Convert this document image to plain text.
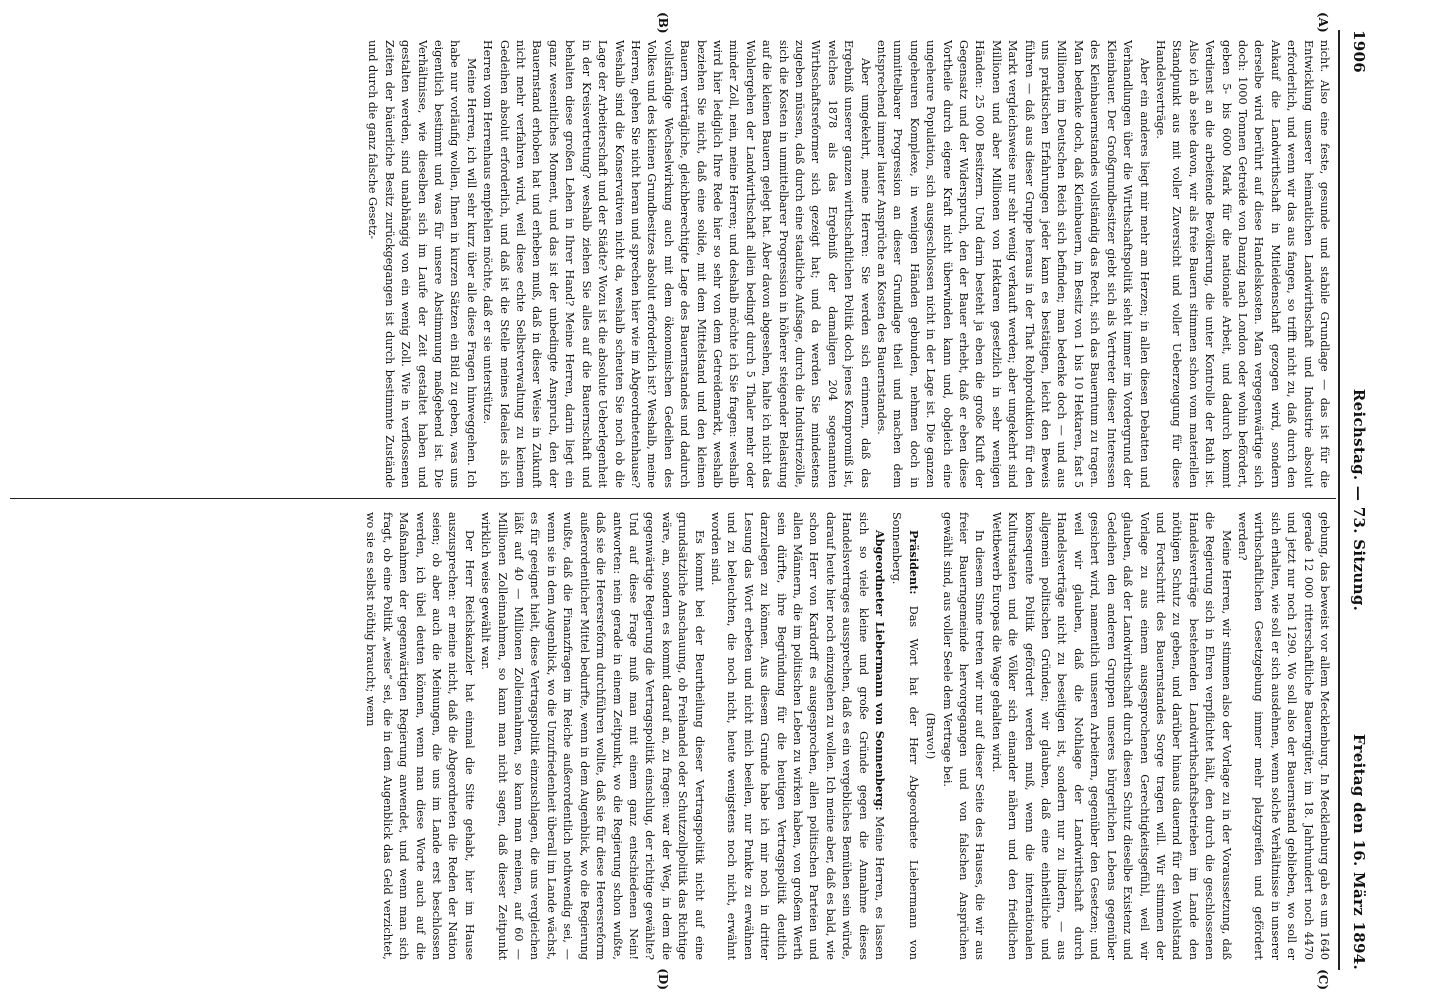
1906
Reichstag. — 73. Sitzung.
Freitag den 16. März 1894.
(A)
(B)
(C)
(D)

nicht. Also eine feste, gesunde und stabile Grundlage — das ist für die Entwicklung unserer heimatlichen Landwirthschaft und Industrie absolut erforderlich, und wenn wir das aus fangen, so trifft nicht zu, daß durch den Ankauf die Landwirthschaft in Mitleidenschaft gezogen wird, sondern derselbe wird berührt auf diese Handelskosten. Man vergegenwärtige sich doch: 1000 Tonnen Getreide von Danzig nach London oder wohin befördert, geben 5- bis 6000 Mark für die nationale Arbeit, und dadurch kommt Verdienst an die arbeitende Bevölkerung, die unter Kontrolle der Rath ist. Also ich ab sehe davon, wir als freie Bauern stimmen schon vom materiellen Standpunkt aus mit voller Zuversicht und voller Ueberzeugung für diese Handelsverträge.

Aber ein anderes liegt mir mehr am Herzen; in allen diesen Debatten und Verhandlungen über die Wirthschaftspolitik sieht immer im Vordergrund der Kleinbauer. Der Großgrundbesitzer giebt sich als Vertreter dieser Interessen des Kleinbauernstandes vollständig das Recht, sich das Bauerntum zu tragen. Man bedenke doch, daß Kleinbauern, im Besitz von 1 bis 10 Hektaren, fast 5 Millionen im Deutschen Reich sich befinden; man bedenke doch — und aus uns praktischen Erfahrungen jeder kann es bestätigen, leicht den Beweis führen — daß aus dieser Gruppe heraus in der That Rohproduktion für den Markt vergleichsweise nur sehr wenig verkauft werden; aber umgekehrt sind Millionen und aber Millionen von Hektaren gesetzlich in sehr wenigen Händen: 25 000 Besitzern. Und darin besteht ja eben die große Kluft der Gegensatz und der Widerspruch, den der Bauer erhebt, daß er eben diese Vortheile durch eigene Kraft nicht überwinden kann und, obgleich eine ungeheure Population, sich ausgeschlossen nicht in der Lage ist. Die ganzen ungeheuren Komplexe, in wenigen Händen gebunden, nehmen doch in unmittelbarer Progression an dieser Grundlage theil und machen dem entsprechend immer lauter Ansprüche an Kosten des Bauernstandes.

Aber umgekehrt, meine Herren: Sie werden sich erinnern, daß das Ergebniß unserer ganzen wirthschaftlichen Politik doch jenes Kompromiß ist, welches 1878 als das Ergebniß der damaligen 204 sogenannten Wirthschaftsreformer sich gezeigt hat; und da werden Sie mindestens zugeben müssen, daß durch eine staatliche Aufsage, durch die Industriezölle, sich die Kosten in unmittelbarer Progression in höherer steigender Belastung auf die kleinen Bauern gelegt hat. Aber davon abgesehen, halte ich nicht das Wohlergehen der Landwirthschaft allein bedingt durch 5 Thaler mehr oder minder Zoll, nein, meine Herren; und deshalb möchte ich Sie fragen: weshalb wird hier lediglich Ihre Rede hier so sehr von dem Getreidemarkt, weshalb beziehen Sie nicht, daß eine solide, mit dem Mittelstand und den kleinen Bauern verträgliche, gleichberechtigte Lage des Bauernstandes und dadurch vollständige Wechselwirkung auch mit dem ökonomischen Gedeihen des Volkes und des kleinen Grundbesitzes absolut erforderlich ist? Weshalb, meine Herren, gehen Sie nicht heran und sprechen hier wie im Abgeordnetenhause? Weshalb sind die Konservativen nicht da, weshalb scheuten Sie noch ob die Lage der Arbeiterschaft und der Städte? Wozu ist die absolute Ueberlegenheit in der Kreisvertretung? weshalb ziehen Sie alles auf die Bauernschaft und behalten diese großen Lehen in Ihrer Hand? Meine Herren, darin liegt ein ganz wesentliches Moment, und das ist der unbedingte Anspruch, den der Bauernstand erhoben hat und erheben muß, daß in dieser Weise in Zukunft nicht mehr verfahren wird, weil diese echte Selbstverwaltung zu keinem Gedeihen absolut erforderlich, und daß ist die Stelle meines Ideales als ich Herren vom Herrenhaus empfehlen möchte, daß er sie unterstütze.

Meine Herren, ich will sehr kurz über alle diese Fragen hinweggehen. Ich habe nur vorläufig wollen, Ihnen in kurzen Sätzen ein Bild zu geben, was uns eigentlich bestimmt und was für unsere Abstimmung maßgebend ist. Die Verhältnisse, wie dieselben sich im Laufe der Zeit gestaltet haben und gestalten werden, sind unabhängig von ein wenig Zoll. Wie in verflossenen Zeiten der bäuerliche Besitz zurückgegangen ist durch bestimmte Zustände und durch die ganz falsche Gesetz-

gebung, das beweist vor allem Mecklenburg. In Mecklenburg gab es um 1640 gerade 12 000 ritterschaftliche Bauerngüter, im 18. Jahrhundert noch 4470 und jetzt nur noch 1290. Wo soll also der Bauernstand geblieben, wo soll er sich erhalten, wie soll er sich ausdehnen, wenn solche Verhältnisse in unserer wirthschaftlichen Gesetzgebung immer mehr platzgreifen und gefördert werden?

Meine Herren, wir stimmen also der Vorlage zu in der Voraussetzung, daß die Regierung sich in Ehren verpflichtet hält, den durch die geschlossenen Handelsverträge bestehenden Landwirthschaftsbetrieben im Lande den nöthigen Schutz zu geben, und darüber hinaus dauernd für den Wohlstand und Fortschritt des Bauernstandes Sorge tragen will. Wir stimmen der Vorlage zu aus einem ausgesprochenen Gerechtigkeitsgefühl, weil wir glauben, daß der Landwirthschaft durch diesen Schutz dieselbe Existenz und Gedeihen den anderen Gruppen unseres bürgerlichen Lebens gegenüber gesichert wird, namentlich unseren Arbeitern, gegenüber den Gesetzen; und weil wir glauben, daß die Nothlage der Landwirthschaft durch Handelsverträge nicht zu beseitigen ist, sondern nur zu lindern, — aus allgemein politischen Gründen; wir glauben, daß eine einheitliche und konsequente Politik gefördert werden muß, wenn die internationalen Kulturstaaten und die Völker sich einander nähern und den friedlichen Wettbewerb Europas die Wage gehalten wird.

In diesem Sinne treten wir nur auf dieser Seite des Hauses, die wir aus freier Bauerngemeinde hervorgegangen und von falschen Ansprüchen gewählt sind, aus voller Seele dem Vertrage bei.

(Bravo!)

Präsident: Das Wort hat der Herr Abgeordnete Liebermann von Sonnenberg.

Abgeordneter Liebermann von Sonnenberg: Meine Herren, es lassen sich so viele kleine und große Gründe gegen die Annahme dieses Handelsvertrages aussprechen, daß es ein vergebliches Bemühen sein würde, darauf heute hier noch einzugehen zu wollen. Ich meine aber, daß es bald, wie schon Herr von Kardorff es ausgesprochen, allen politischen Parteien und allen Männern, die im politischen Leben zu wirken haben, von großem Werth sein dürfte, ihre Begründung für die heutigen Vertragspolitik deutlich darzulegen zu können. Aus diesem Grunde habe ich mir noch in dritter Lesung das Wort erbeten und nicht mich beeilen, nur Punkte zu erwähnen und zu beleuchten, die noch nicht, heute wenigstens noch nicht, erwähnt worden sind.

Es kommt bei der Beurtheilung dieser Vertragspolitik nicht auf eine grundsätzliche Anschauung, ob Freihandel oder Schutzzollpolitik das Richtige wäre, an, sondern es kommt darauf an, zu fragen: war der Weg, in dem die gegenwärtige Regierung die Vertragspolitik einschlug, der richtige gewählte? Und auf diese Frage muß man mit einem ganz entschiedenen Nein! antworten: nein gerade in einem Zeitpunkt, wo die Regierung schon wußte, daß sie die Heeresreform durchführen wollte, daß sie für diese Heeresreform außerordentlicher Mittel bedurfte, wenn in dem Augenblick, wo die Regierung wußte, daß die Finanzfragen im Reiche außerordentlich nothwendig sei, — wenn sie in dem Augenblick, wo die Unzufriedenheit überall im Lande wächst, es für geeignet hielt, diese Vertragspolitik einzuschlagen, die uns vergleichen läßt auf 40 — Millionen Zolleinnahmen, so kann man meinen, auf 60 — Millionen Zolleinnahmen, so kann man nicht sagen, daß dieser Zeitpunkt wirklich weise gewählt war.

Der Herr Reichskanzler hat einmal die Sitte gehabt, hier im Hause auszusprechen: er meine nicht, daß die Abgeordneten die Reden der Nation seien; ob aber auch die Meinungen, die uns im Lande erst beschlossen werden, ich übel deuten können, wenn man diese Worte auch auf die Maßnahmen der gegenwärtigen Regierung anwendet, und wenn man sich fragt, ob eine Politik „weise“ sei, die in dem Augenblick das Geld verzichtet, wo sie es selbst nöthig braucht; wenn
